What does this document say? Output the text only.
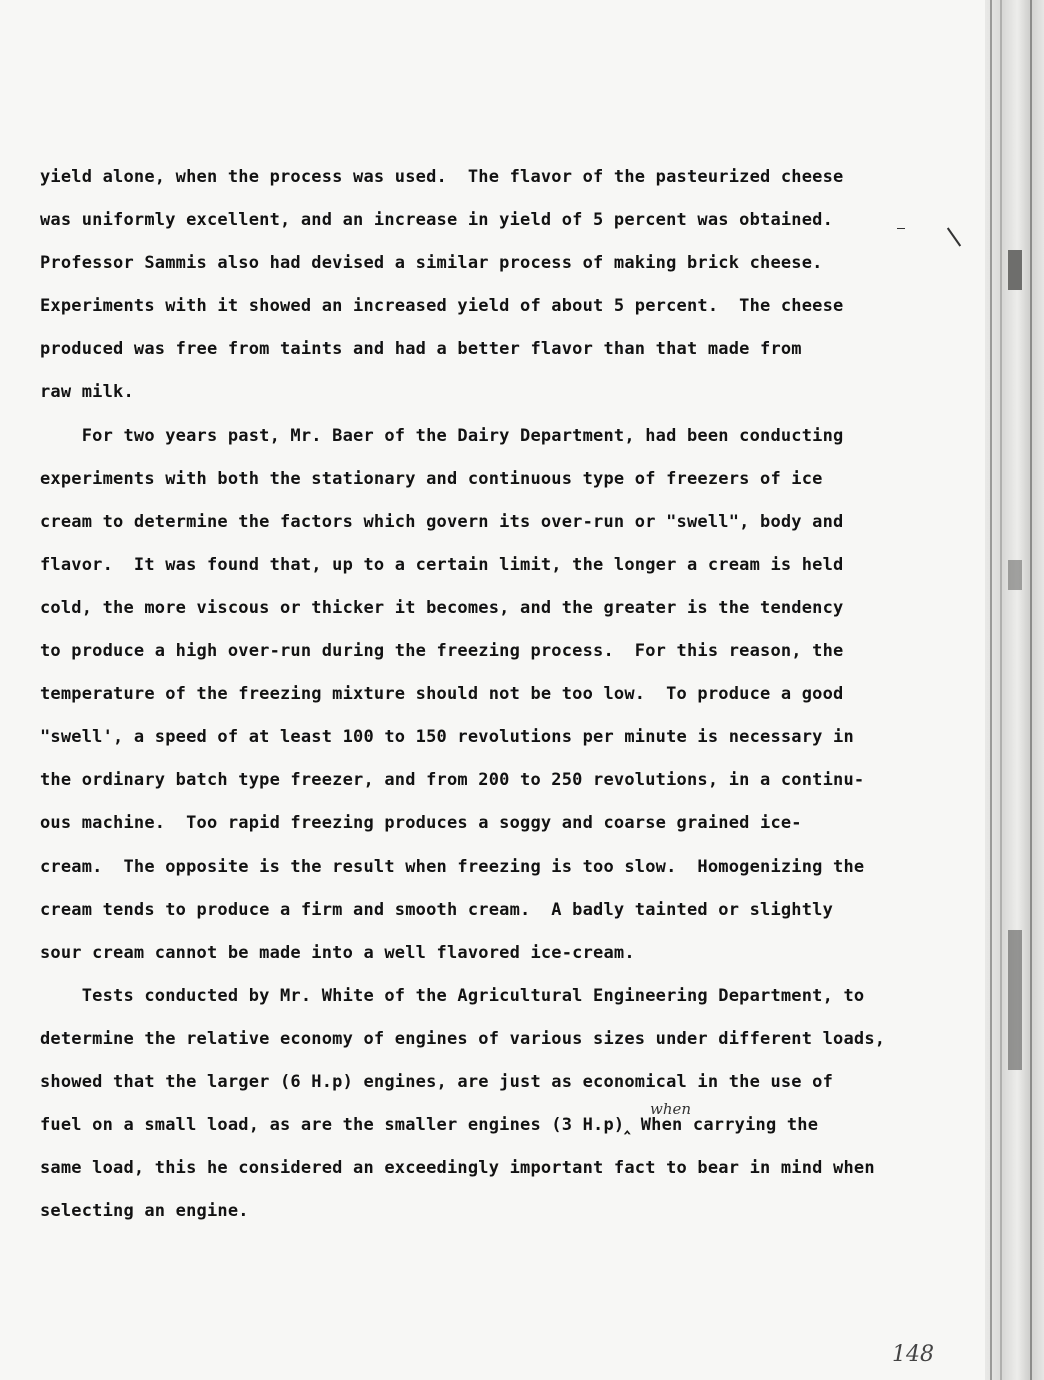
yield alone, when the process was used.  The flavor of the pasteurized cheese
was uniformly excellent, and an increase in yield of 5 percent was obtained.
Professor Sammis also had devised a similar process of making brick cheese.
Experiments with it showed an increased yield of about 5 percent.  The cheese
produced was free from taints and had a better flavor than that made from
raw milk.
For two years past, Mr. Baer of the Dairy Department, had been conducting
experiments with both the stationary and continuous type of freezers of ice
cream to determine the factors which govern its over-run or "swell", body and
flavor.  It was found that, up to a certain limit, the longer a cream is held
cold, the more viscous or thicker it becomes, and the greater is the tendency
to produce a high over-run during the freezing process.  For this reason, the
temperature of the freezing mixture should not be too low.  To produce a good
"swell', a speed of at least 100 to 150 revolutions per minute is necessary in
the ordinary batch type freezer, and from 200 to 250 revolutions, in a continu-
ous machine.  Too rapid freezing produces a soggy and coarse grained ice-
cream.  The opposite is the result when freezing is too slow.  Homogenizing the
cream tends to produce a firm and smooth cream.  A badly tainted or slightly
sour cream cannot be made into a well flavored ice-cream.
Tests conducted by Mr. White of the Agricultural Engineering Department, to
determine the relative economy of engines of various sizes under different loads,
showed that the larger (6 H.p) engines, are just as economical in the use of
fuel on a small load, as are the smaller engines (3 H.p)‸ When carrying the
same load, this he considered an exceedingly important fact to bear in mind when
selecting an engine.
when
148
